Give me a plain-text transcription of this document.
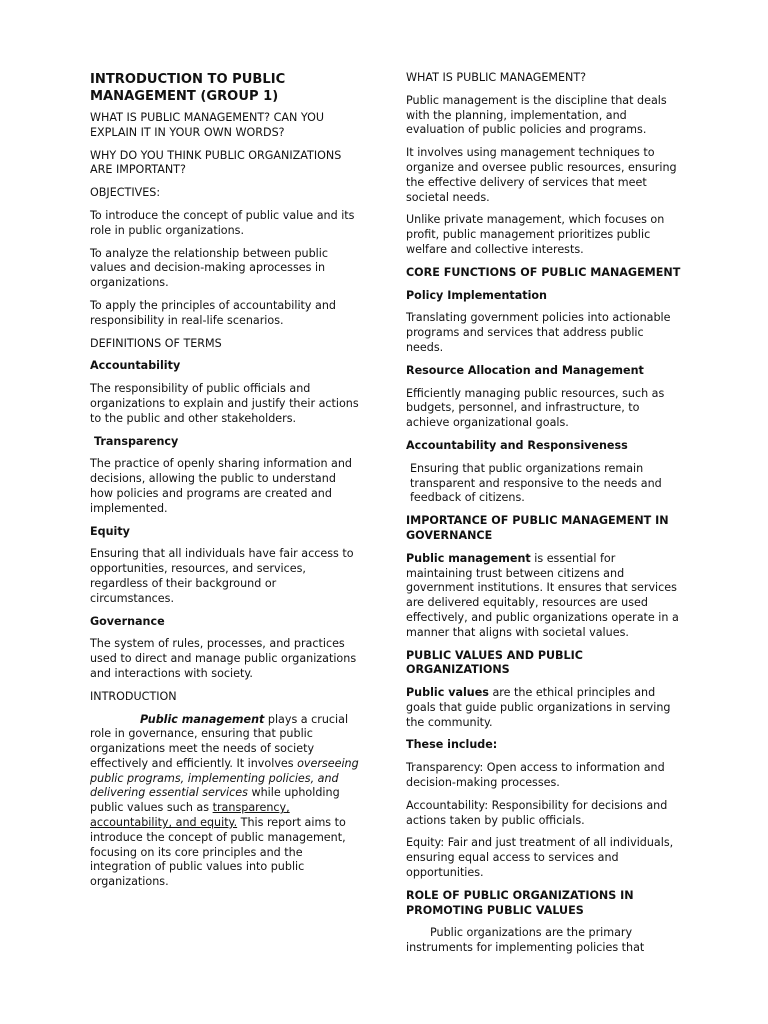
INTRODUCTION TO PUBLIC MANAGEMENT (GROUP 1)

WHAT IS PUBLIC MANAGEMENT? CAN YOU EXPLAIN IT IN YOUR OWN WORDS?

WHY DO YOU THINK PUBLIC ORGANIZATIONS ARE IMPORTANT?

OBJECTIVES:

To introduce the concept of public value and its role in public organizations.

To analyze the relationship between public values and decision-making aprocesses in organizations.

To apply the principles of accountability and responsibility in real-life scenarios.

DEFINITIONS OF TERMS

Accountability

The responsibility of public officials and organizations to explain and justify their actions to the public and other stakeholders.

Transparency

The practice of openly sharing information and decisions, allowing the public to understand how policies and programs are created and implemented.

Equity

Ensuring that all individuals have fair access to opportunities, resources, and services, regardless of their background or circumstances.

Governance

The system of rules, processes, and practices used to direct and manage public organizations and interactions with society.

INTRODUCTION

Public management plays a crucial role in governance, ensuring that public organizations meet the needs of society effectively and efficiently. It involves overseeing public programs, implementing policies, and delivering essential services while upholding public values such as transparency, accountability, and equity. This report aims to introduce the concept of public management, focusing on its core principles and the integration of public values into public organizations.

WHAT IS PUBLIC MANAGEMENT?

Public management is the discipline that deals with the planning, implementation, and evaluation of public policies and programs.

It involves using management techniques to organize and oversee public resources, ensuring the effective delivery of services that meet societal needs.

Unlike private management, which focuses on profit, public management prioritizes public welfare and collective interests.

CORE FUNCTIONS OF PUBLIC MANAGEMENT

Policy Implementation

Translating government policies into actionable programs and services that address public needs.

Resource Allocation and Management

Efficiently managing public resources, such as budgets, personnel, and infrastructure, to achieve organizational goals.

Accountability and Responsiveness

Ensuring that public organizations remain transparent and responsive to the needs and feedback of citizens.

IMPORTANCE OF PUBLIC MANAGEMENT IN GOVERNANCE

Public management is essential for maintaining trust between citizens and government institutions. It ensures that services are delivered equitably, resources are used effectively, and public organizations operate in a manner that aligns with societal values.

PUBLIC VALUES AND PUBLIC ORGANIZATIONS

Public values are the ethical principles and goals that guide public organizations in serving the community.

These include:

Transparency: Open access to information and decision-making processes.

Accountability: Responsibility for decisions and actions taken by public officials.

Equity: Fair and just treatment of all individuals, ensuring equal access to services and opportunities.

ROLE OF PUBLIC ORGANIZATIONS IN PROMOTING PUBLIC VALUES

Public organizations are the primary instruments for implementing policies that
